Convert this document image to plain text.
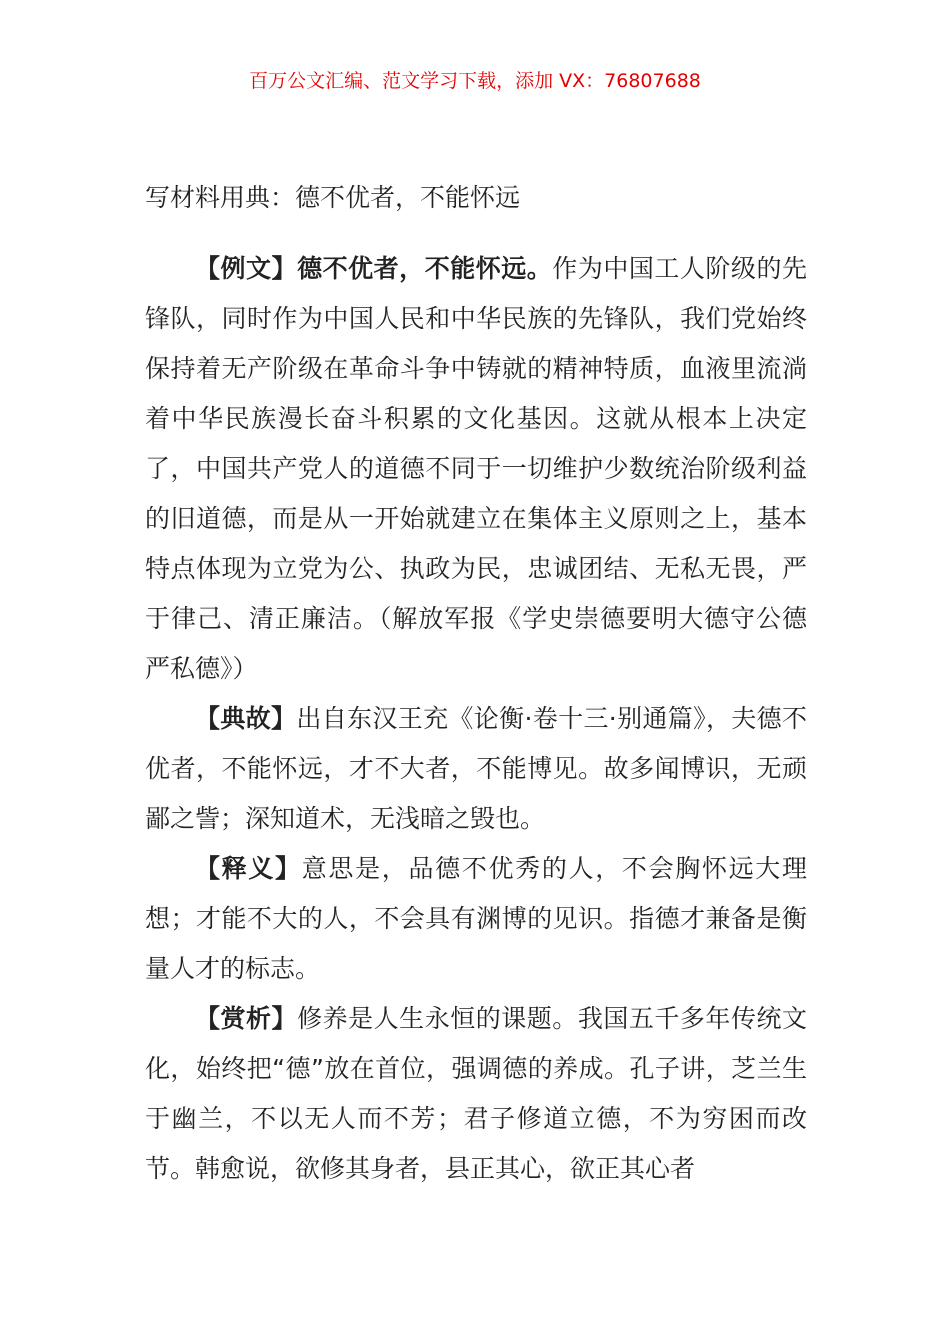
百万公文汇编、范文学习下载，添加 VX：76807688

写材料用典：德不优者，不能怀远

【例文】德不优者，不能怀远。作为中国工人阶级的先锋队，同时作为中国人民和中华民族的先锋队，我们党始终保持着无产阶级在革命斗争中铸就的精神特质，血液里流淌着中华民族漫长奋斗积累的文化基因。这就从根本上决定了，中国共产党人的道德不同于一切维护少数统治阶级利益的旧道德，而是从一开始就建立在集体主义原则之上，基本特点体现为立党为公、执政为民，忠诚团结、无私无畏，严于律己、清正廉洁。（解放军报《学史崇德要明大德守公德严私德》）

【典故】出自东汉王充《论衡·卷十三·别通篇》，夫德不优者，不能怀远，才不大者，不能博见。故多闻博识，无顽鄙之訾；深知道术，无浅暗之毁也。

【释义】意思是，品德不优秀的人，不会胸怀远大理想；才能不大的人，不会具有渊博的见识。指德才兼备是衡量人才的标志。

【赏析】修养是人生永恒的课题。我国五千多年传统文化，始终把“德”放在首位，强调德的养成。孔子讲，芝兰生于幽兰，不以无人而不芳；君子修道立德，不为穷困而改节。韩愈说，欲修其身者，县正其心，欲正其心者
